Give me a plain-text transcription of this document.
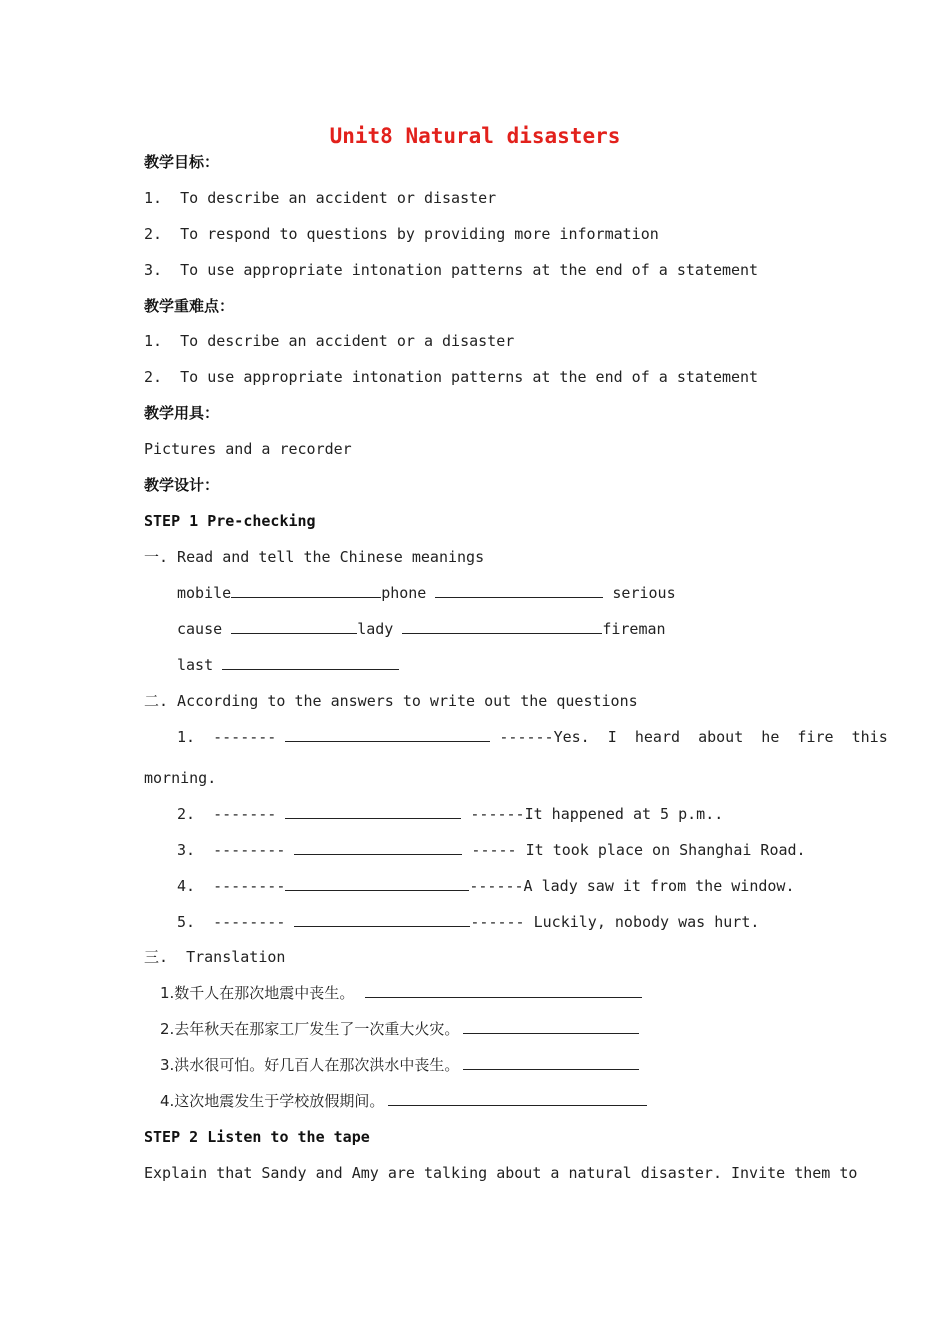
Unit8 Natural disasters
教学目标：
1.  To describe an accident or disaster
2.  To respond to questions by providing more information
3.  To use appropriate intonation patterns at the end of a statement
教学重难点：
1.  To describe an accident or a disaster
2.  To use appropriate intonation patterns at the end of a statement
教学用具：
Pictures and a recorder
教学设计：
STEP 1 Pre-checking
一. Read and tell the Chinese meanings
mobile	phone	serious
cause	lady	fireman
last
二. According to the answers to write out the questions
1.  -------	------Yes.  I  heard  about  he  fire  this
morning.
2.  -------	------It happened at 5 p.m..
3.  --------	----- It took place on Shanghai Road.
4.  --------	------A lady saw it from the window.
5.  --------	------ Luckily, nobody was hurt.
三.  Translation
1.数千人在那次地震中丧生。
2.去年秋天在那家工厂发生了一次重大火灾。
3.洪水很可怕。好几百人在那次洪水中丧生。
4.这次地震发生于学校放假期间。
STEP 2 Listen to the tape
Explain that Sandy and Amy are talking about a natural disaster. Invite them to
